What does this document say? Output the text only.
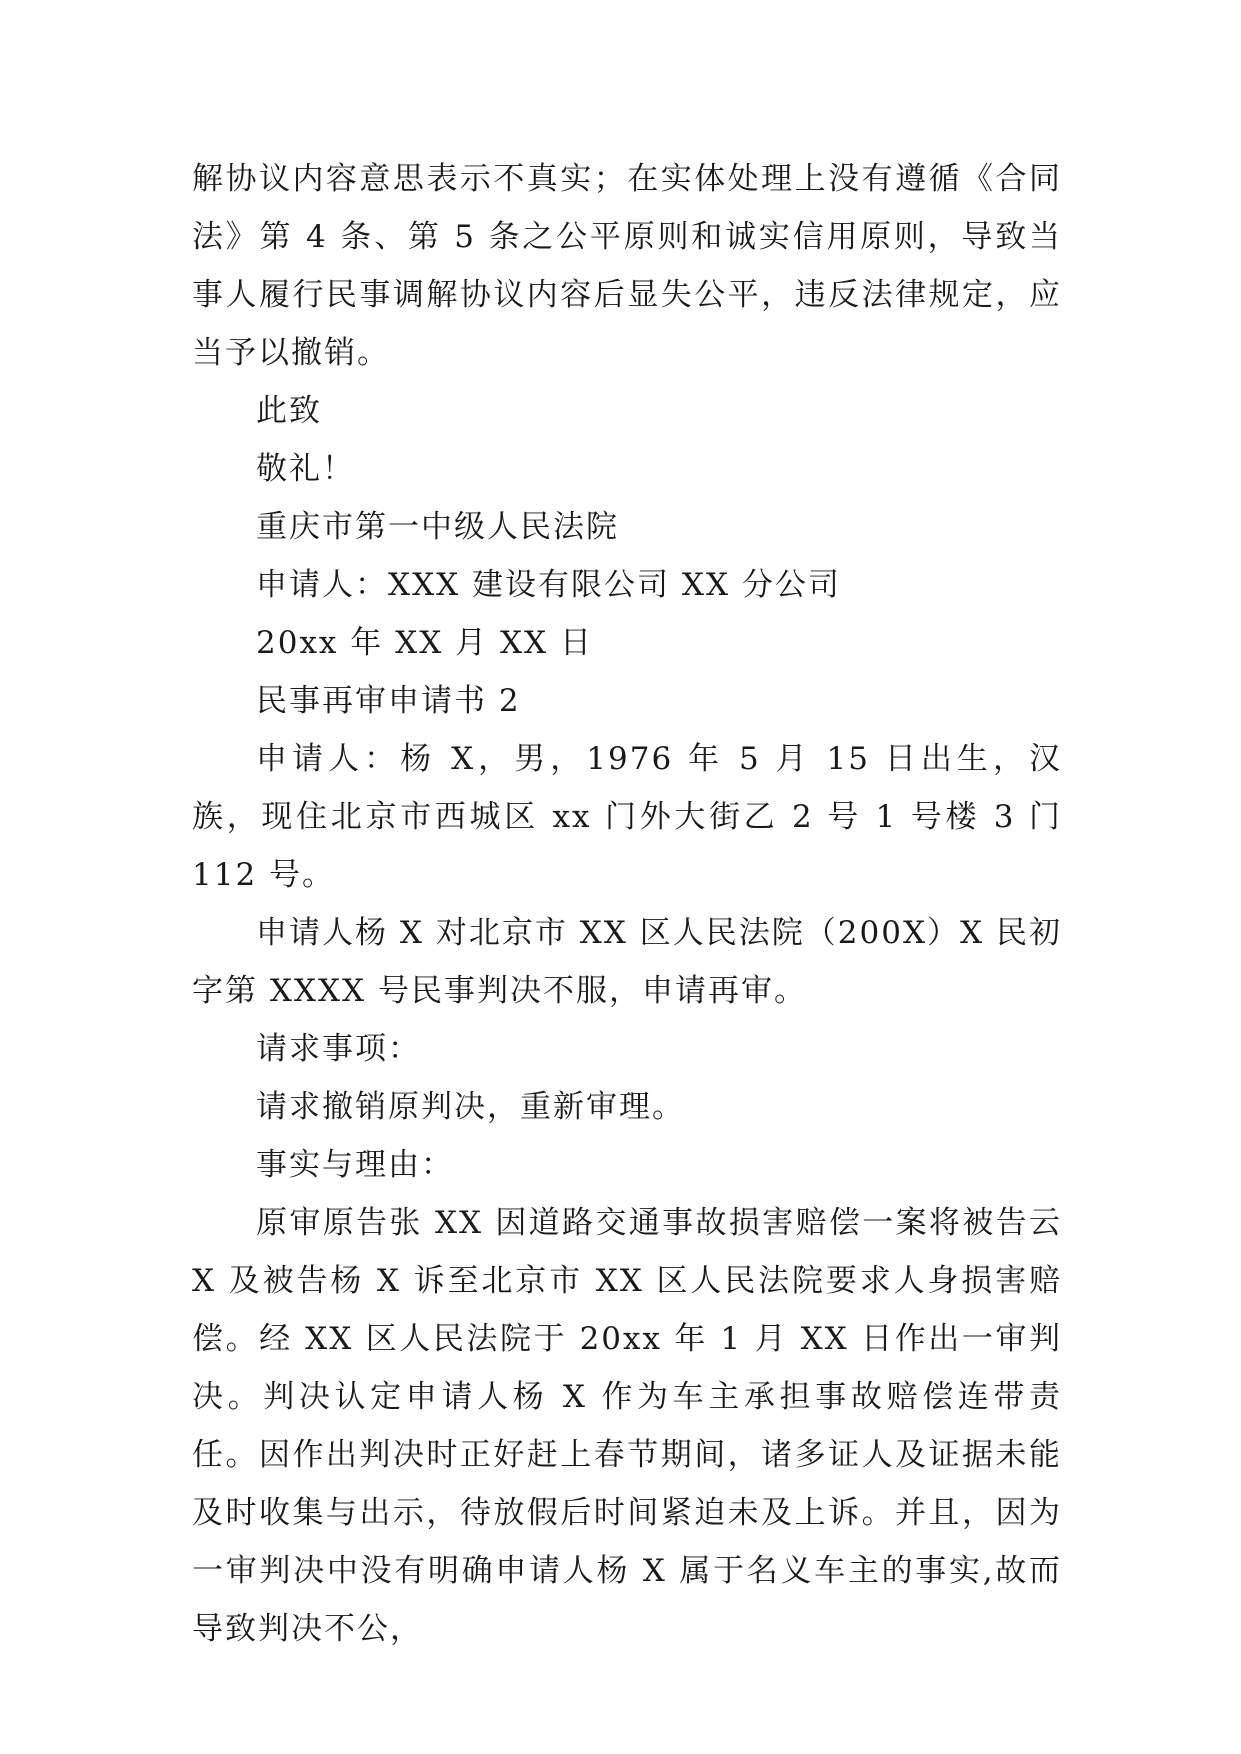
解协议内容意思表示不真实；在实体处理上没有遵循《合同法》第 4 条、第 5 条之公平原则和诚实信用原则，导致当事人履行民事调解协议内容后显失公平，违反法律规定，应当予以撤销。

此致

敬礼！

重庆市第一中级人民法院

申请人：XXX 建设有限公司 XX 分公司

20xx 年 XX 月 XX 日

民事再审申请书 2

申请人：杨 X，男，1976 年 5 月 15 日出生，汉族，现住北京市西城区 xx 门外大街乙 2 号 1 号楼 3 门 112 号。

申请人杨 X 对北京市 XX 区人民法院（200X）X 民初字第 XXXX 号民事判决不服，申请再审。

请求事项：

请求撤销原判决，重新审理。

事实与理由：

原审原告张 XX 因道路交通事故损害赔偿一案将被告云 X 及被告杨 X 诉至北京市 XX 区人民法院要求人身损害赔偿。经 XX 区人民法院于 20xx 年 1 月 XX 日作出一审判决。判决认定申请人杨 X 作为车主承担事故赔偿连带责任。因作出判决时正好赶上春节期间，诸多证人及证据未能及时收集与出示，待放假后时间紧迫未及上诉。并且，因为一审判决中没有明确申请人杨 X 属于名义车主的事实,故而导致判决不公，
